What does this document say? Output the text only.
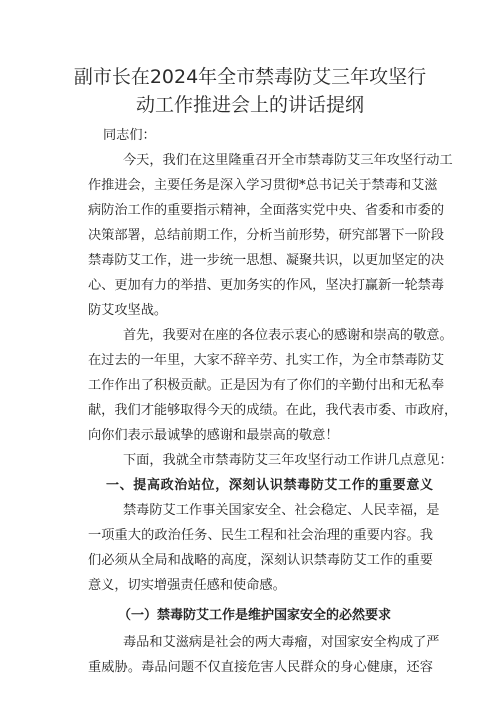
副市长在2024年全市禁毒防艾三年攻坚行
动工作推进会上的讲话提纲
同志们：
今天，我们在这里隆重召开全市禁毒防艾三年攻坚行动工
作推进会，主要任务是深入学习贯彻*总书记关于禁毒和艾滋
病防治工作的重要指示精神，全面落实党中央、省委和市委的
决策部署，总结前期工作，分析当前形势，研究部署下一阶段
禁毒防艾工作，进一步统一思想、凝聚共识，以更加坚定的决
心、更加有力的举措、更加务实的作风，坚决打赢新一轮禁毒
防艾攻坚战。
首先，我要对在座的各位表示衷心的感谢和崇高的敬意。
在过去的一年里，大家不辞辛劳、扎实工作，为全市禁毒防艾
工作作出了积极贡献。正是因为有了你们的辛勤付出和无私奉
献，我们才能够取得今天的成绩。在此，我代表市委、市政府，
向你们表示最诚挚的感谢和最崇高的敬意！
下面，我就全市禁毒防艾三年攻坚行动工作讲几点意见：
一、提高政治站位，深刻认识禁毒防艾工作的重要意义
禁毒防艾工作事关国家安全、社会稳定、人民幸福，是
一项重大的政治任务、民生工程和社会治理的重要内容。我
们必须从全局和战略的高度，深刻认识禁毒防艾工作的重要
意义，切实增强责任感和使命感。
（一）禁毒防艾工作是维护国家安全的必然要求
毒品和艾滋病是社会的两大毒瘤，对国家安全构成了严
重威胁。毒品问题不仅直接危害人民群众的身心健康，还容
